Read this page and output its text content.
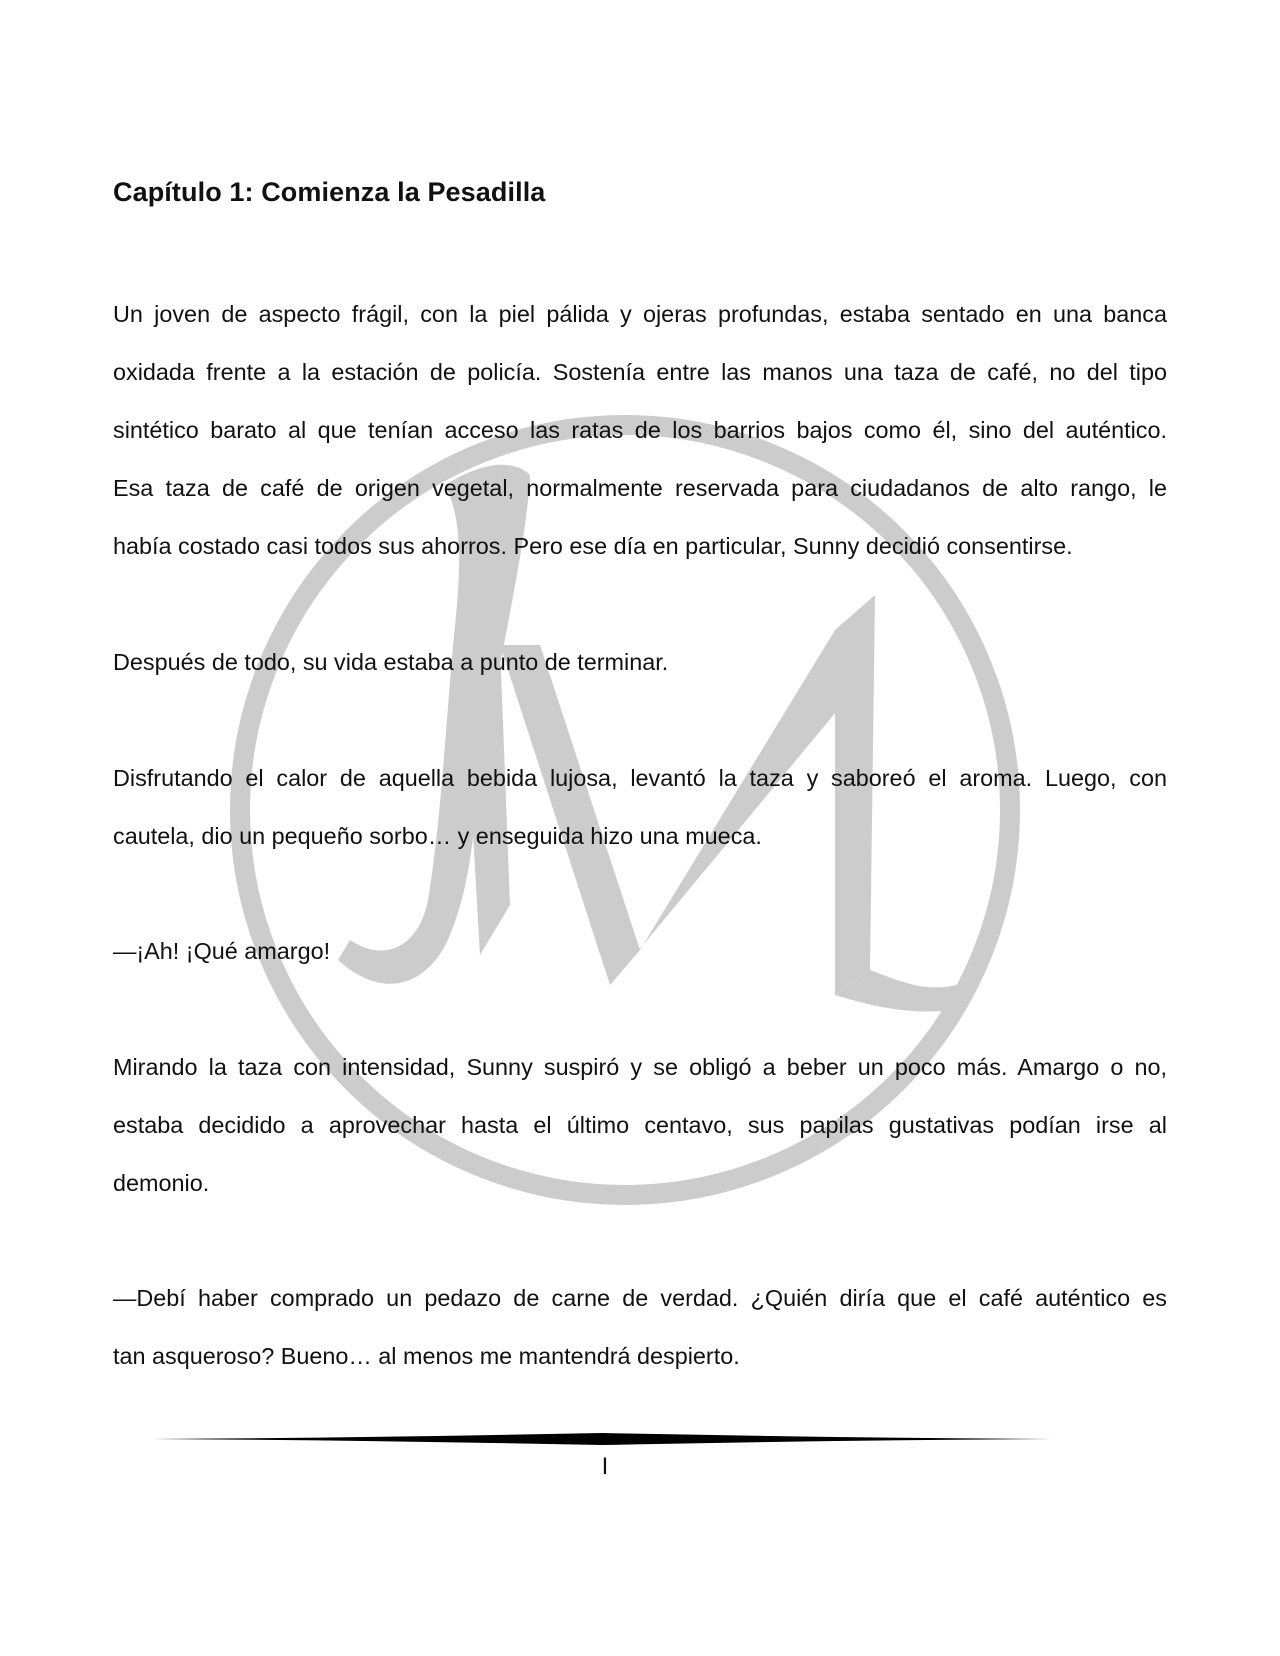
Capítulo 1: Comienza la Pesadilla

Un joven de aspecto frágil, con la piel pálida y ojeras profundas, estaba sentado en una banca
oxidada frente a la estación de policía. Sostenía entre las manos una taza de café, no del tipo
sintético barato al que tenían acceso las ratas de los barrios bajos como él, sino del auténtico.
Esa taza de café de origen vegetal, normalmente reservada para ciudadanos de alto rango, le
había costado casi todos sus ahorros. Pero ese día en particular, Sunny decidió consentirse.

Después de todo, su vida estaba a punto de terminar.

Disfrutando el calor de aquella bebida lujosa, levantó la taza y saboreó el aroma. Luego, con
cautela, dio un pequeño sorbo… y enseguida hizo una mueca.

—¡Ah! ¡Qué amargo!

Mirando la taza con intensidad, Sunny suspiró y se obligó a beber un poco más. Amargo o no,
estaba decidido a aprovechar hasta el último centavo, sus papilas gustativas podían irse al
demonio.

—Debí haber comprado un pedazo de carne de verdad. ¿Quién diría que el café auténtico es
tan asqueroso? Bueno… al menos me mantendrá despierto.

I
